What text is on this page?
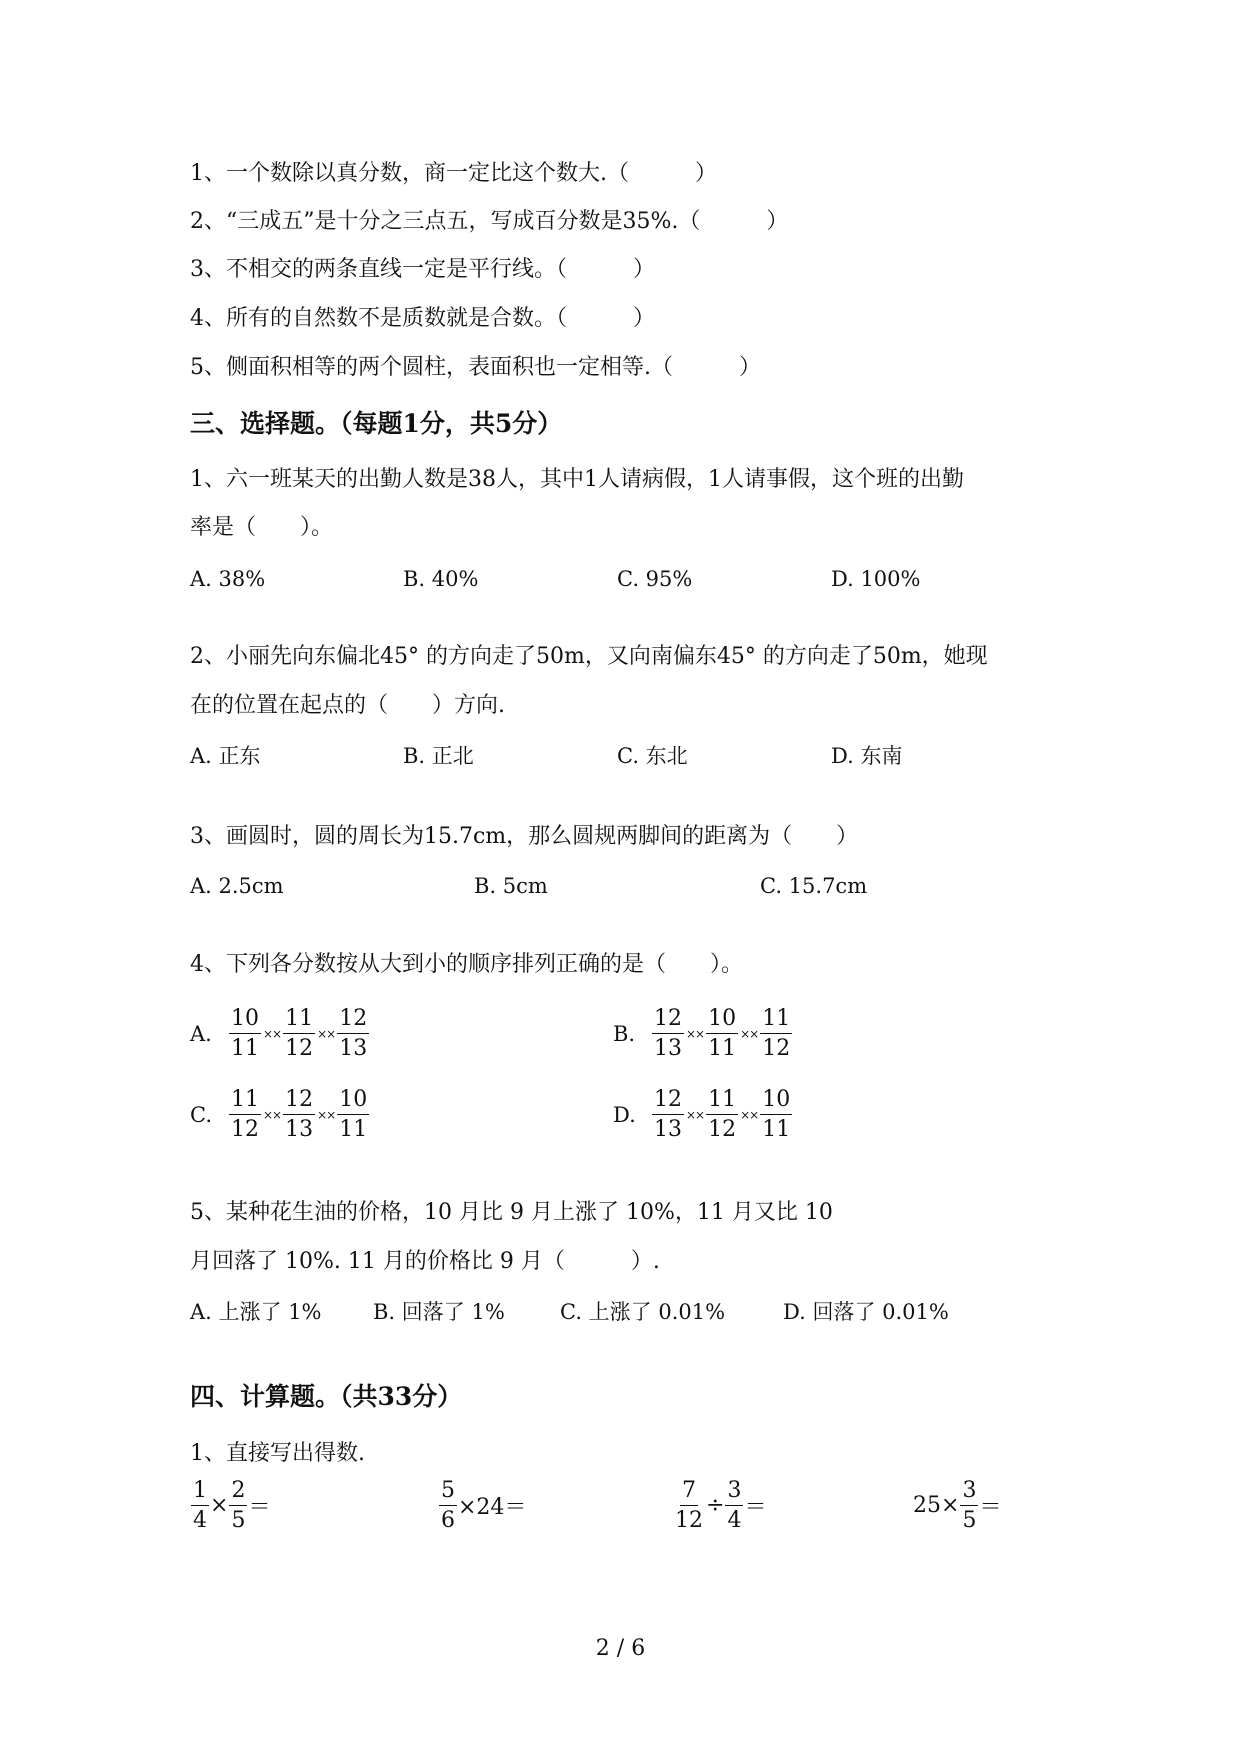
1、一个数除以真分数，商一定比这个数大.（　　　）
2、“三成五”是十分之三点五，写成百分数是35%.（　　　）
3、不相交的两条直线一定是平行线。（　　　）
4、所有的自然数不是质数就是合数。（　　　）
5、侧面积相等的两个圆柱，表面积也一定相等.（　　　）
三、选择题。（每题1分，共5分）
1、六一班某天的出勤人数是38人，其中1人请病假，1人请事假，这个班的出勤
率是（　　）。
A. 38%	B. 40%	C. 95%	D. 100%
2、小丽先向东偏北45° 的方向走了50m，又向南偏东45° 的方向走了50m，她现
在的位置在起点的（　　）方向.
A. 正东	B. 正北	C. 东北	D. 东南
3、画圆时，圆的周长为15.7cm，那么圆规两脚间的距离为（　　）
A. 2.5cm	B. 5cm	C. 15.7cm
4、下列各分数按从大到小的顺序排列正确的是（　　）。
A. $\frac{10}{11} \times\times \frac{11}{12} \times\times \frac{12}{13}$	B. $\frac{12}{13} \times\times \frac{10}{11} \times\times \frac{11}{12}$
C. $\frac{11}{12} \times\times \frac{12}{13} \times\times \frac{10}{11}$	D. $\frac{12}{13} \times\times \frac{11}{12} \times\times \frac{10}{11}$
5、某种花生油的价格，10 月比 9 月上涨了 10%，11 月又比 10
月回落了 10%. 11 月的价格比 9 月（　　　）.
A. 上涨了 1% B. 回落了 1%	C. 上涨了 0.01%	D. 回落了 0.01%
四、计算题。（共33分）
1、直接写出得数.
$\frac{1}{4} \times \frac{2}{5}$ ＝	$\frac{5}{6} \times 24=$	$\frac{7}{12} \div \frac{3}{4}$ ＝	$25\times \frac{3}{5}$ ＝
2 / 6
